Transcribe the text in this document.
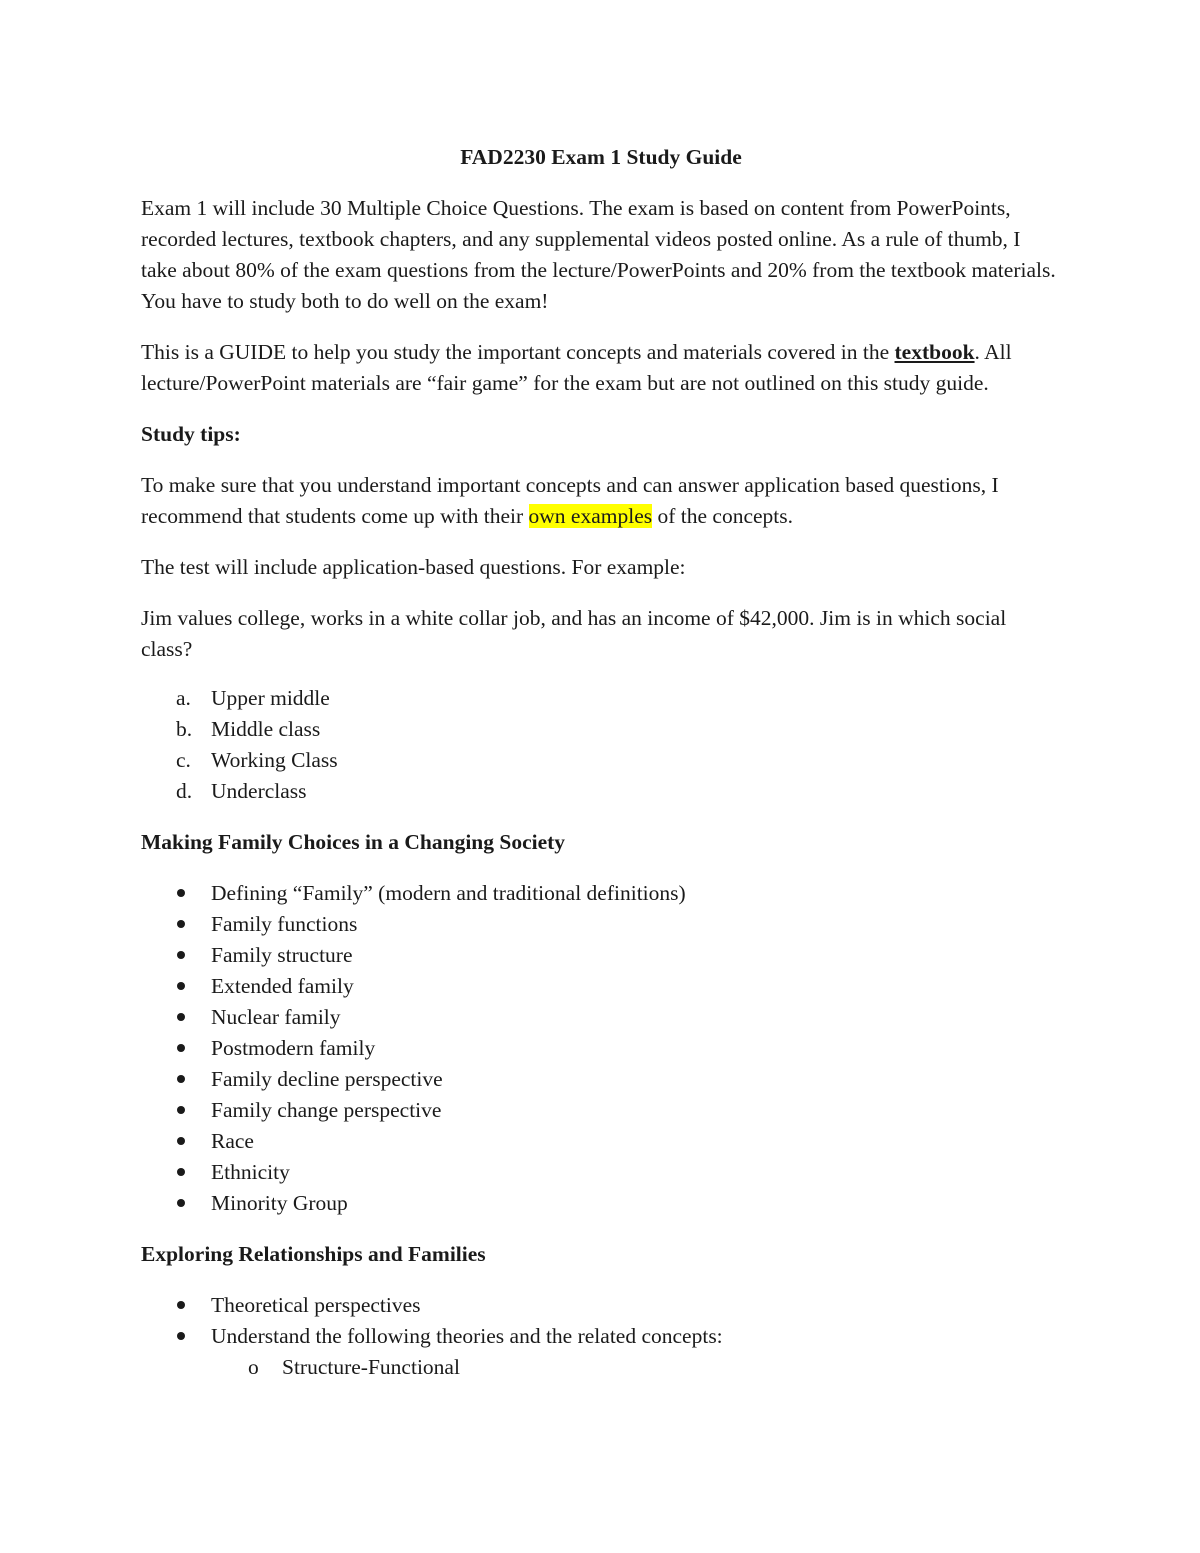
FAD2230 Exam 1 Study Guide

Exam 1 will include 30 Multiple Choice Questions. The exam is based on content from PowerPoints, recorded lectures, textbook chapters, and any supplemental videos posted online. As a rule of thumb, I take about 80% of the exam questions from the lecture/PowerPoints and 20% from the textbook materials. You have to study both to do well on the exam!

This is a GUIDE to help you study the important concepts and materials covered in the textbook. All lecture/PowerPoint materials are “fair game” for the exam but are not outlined on this study guide.

Study tips:

To make sure that you understand important concepts and can answer application based questions, I recommend that students come up with their own examples of the concepts.

The test will include application-based questions. For example:

Jim values college, works in a white collar job, and has an income of $42,000. Jim is in which social class?

a. Upper middle
b. Middle class
c. Working Class
d. Underclass
Making Family Choices in a Changing Society
Defining “Family” (modern and traditional definitions)
Family functions
Family structure
Extended family
Nuclear family
Postmodern family
Family decline perspective
Family change perspective
Race
Ethnicity
Minority Group
Exploring Relationships and Families
Theoretical perspectives
Understand the following theories and the related concepts:
o Structure-Functional
